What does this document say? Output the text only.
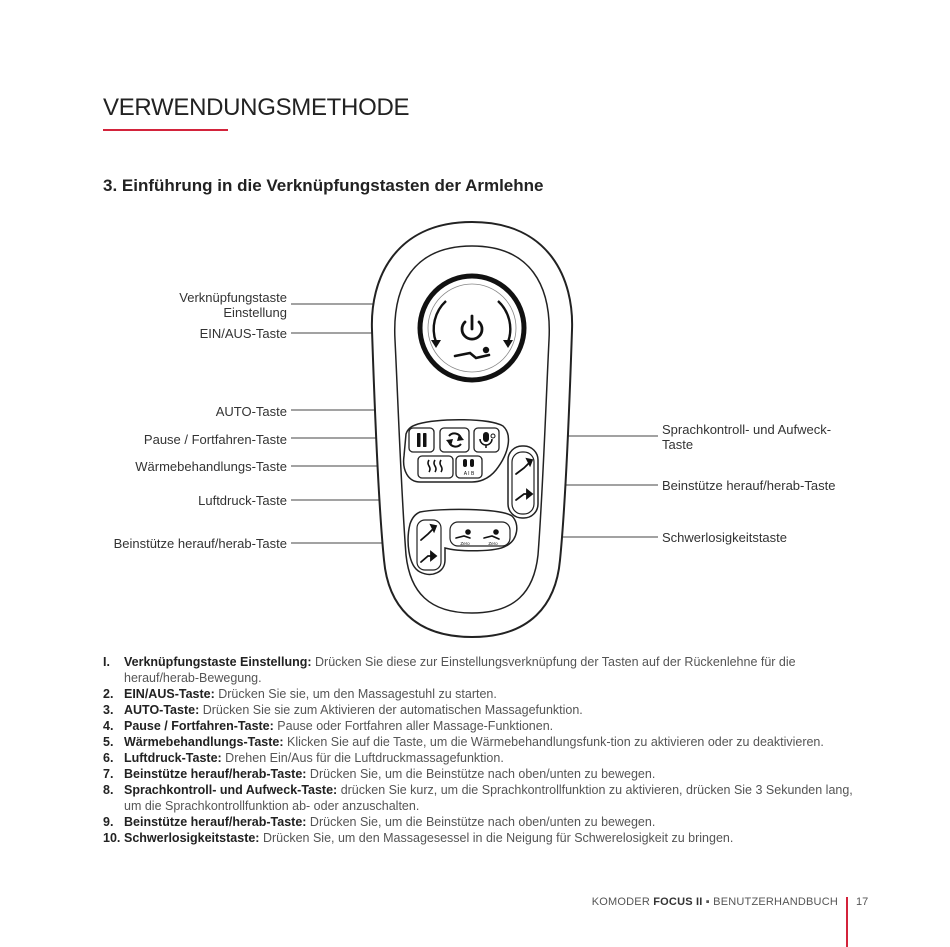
VERWENDUNGSMETHODE
3. Einführung in die Verknüpfungstasten der Armlehne
A I B
Zero	Zero
Verknüpfungstaste
Einstellung
EIN/AUS-Taste
AUTO-Taste
Pause / Fortfahren-Taste
Wärmebehandlungs-Taste
Luftdruck-Taste
Beinstütze herauf/herab-Taste
Sprachkontroll- und Aufweck-
Taste
Beinstütze herauf/herab-Taste
Schwerlosigkeitstaste
I. Verknüpfungstaste Einstellung: Drücken Sie diese zur Einstellungsverknüpfung der Tasten auf der Rückenlehne für die herauf/herab-Bewegung.
2. EIN/AUS-Taste: Drücken Sie sie, um den Massagestuhl zu starten.
3. AUTO-Taste: Drücken Sie sie zum Aktivieren der automatischen Massagefunktion.
4. Pause / Fortfahren-Taste: Pause oder Fortfahren aller Massage-Funktionen.
5. Wärmebehandlungs-Taste: Klicken Sie auf die Taste, um die Wärmebehandlungsfunk-tion zu aktivieren oder zu deaktivieren.
6. Luftdruck-Taste: Drehen Ein/Aus für die Luftdruckmassagefunktion.
7. Beinstütze herauf/herab-Taste: Drücken Sie, um die Beinstütze nach oben/unten zu bewegen.
8. Sprachkontroll- und Aufweck-Taste: drücken Sie kurz, um die Sprachkontrollfunktion zu aktivieren, drücken Sie 3 Sekunden lang, um die Sprachkontrollfunktion ab- oder anzuschalten.
9. Beinstütze herauf/herab-Taste: Drücken Sie, um die Beinstütze nach oben/unten zu bewegen.
10. Schwerlosigkeitstaste: Drücken Sie, um den Massagesessel in die Neigung für Schwerelosigkeit zu bringen.
KOMODER FOCUS II ▪ BENUTZERHANDBUCH 17
